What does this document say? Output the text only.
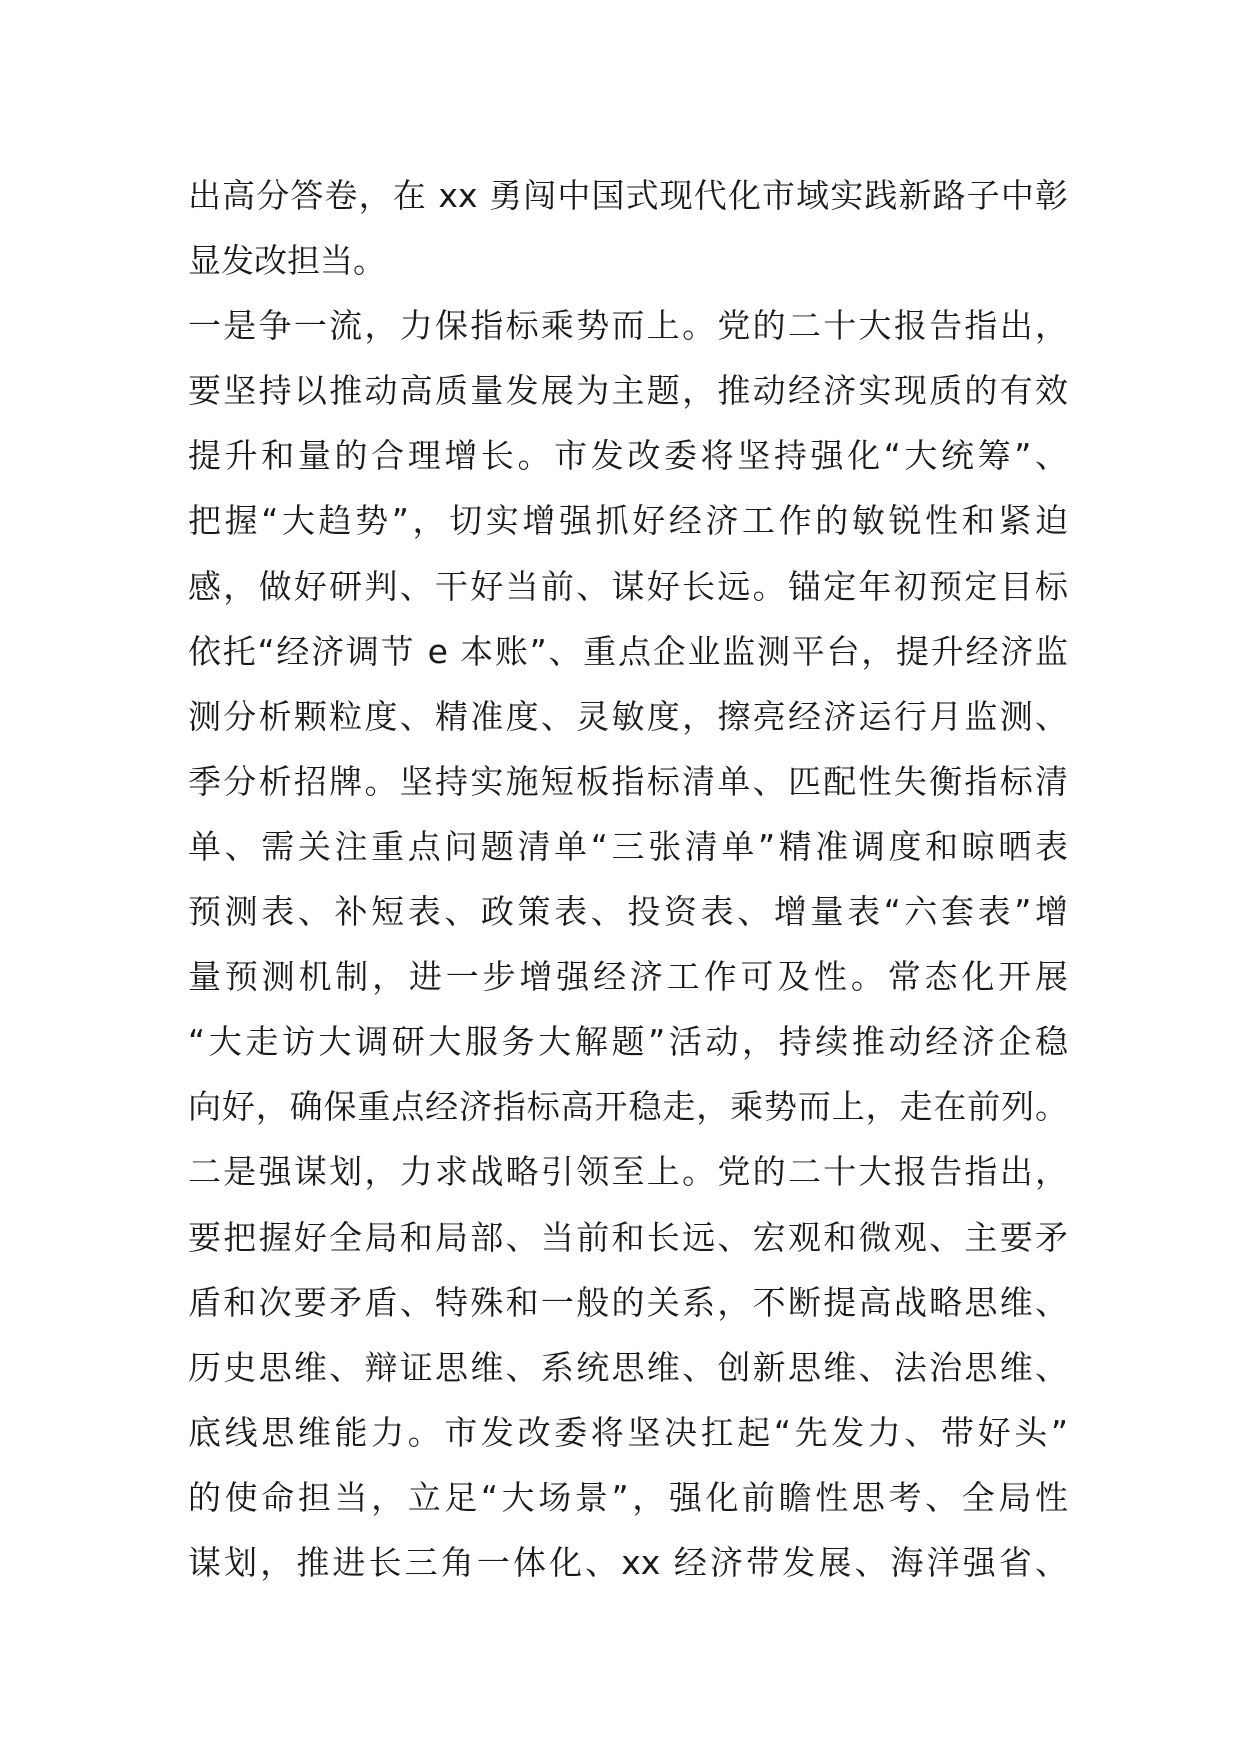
出高分答卷，在 xx 勇闯中国式现代化市域实践新路子中彰
显发改担当。
一是争一流，力保指标乘势而上。党的二十大报告指出，
要坚持以推动高质量发展为主题，推动经济实现质的有效
提升和量的合理增长。市发改委将坚持强化“大统筹”、
把握“大趋势”，切实增强抓好经济工作的敏锐性和紧迫
感，做好研判、干好当前、谋好长远。锚定年初预定目标
依托“经济调节 e 本账”、重点企业监测平台，提升经济监
测分析颗粒度、精准度、灵敏度，擦亮经济运行月监测、
季分析招牌。坚持实施短板指标清单、匹配性失衡指标清
单、需关注重点问题清单“三张清单”精准调度和晾晒表
预测表、补短表、政策表、投资表、增量表“六套表”增
量预测机制，进一步增强经济工作可及性。常态化开展
“大走访大调研大服务大解题”活动，持续推动经济企稳
向好，确保重点经济指标高开稳走，乘势而上，走在前列。
二是强谋划，力求战略引领至上。党的二十大报告指出，
要把握好全局和局部、当前和长远、宏观和微观、主要矛
盾和次要矛盾、特殊和一般的关系，不断提高战略思维、
历史思维、辩证思维、系统思维、创新思维、法治思维、
底线思维能力。市发改委将坚决扛起“先发力、带好头”
的使命担当，立足“大场景”，强化前瞻性思考、全局性
谋划，推进长三角一体化、xx 经济带发展、海洋强省、
